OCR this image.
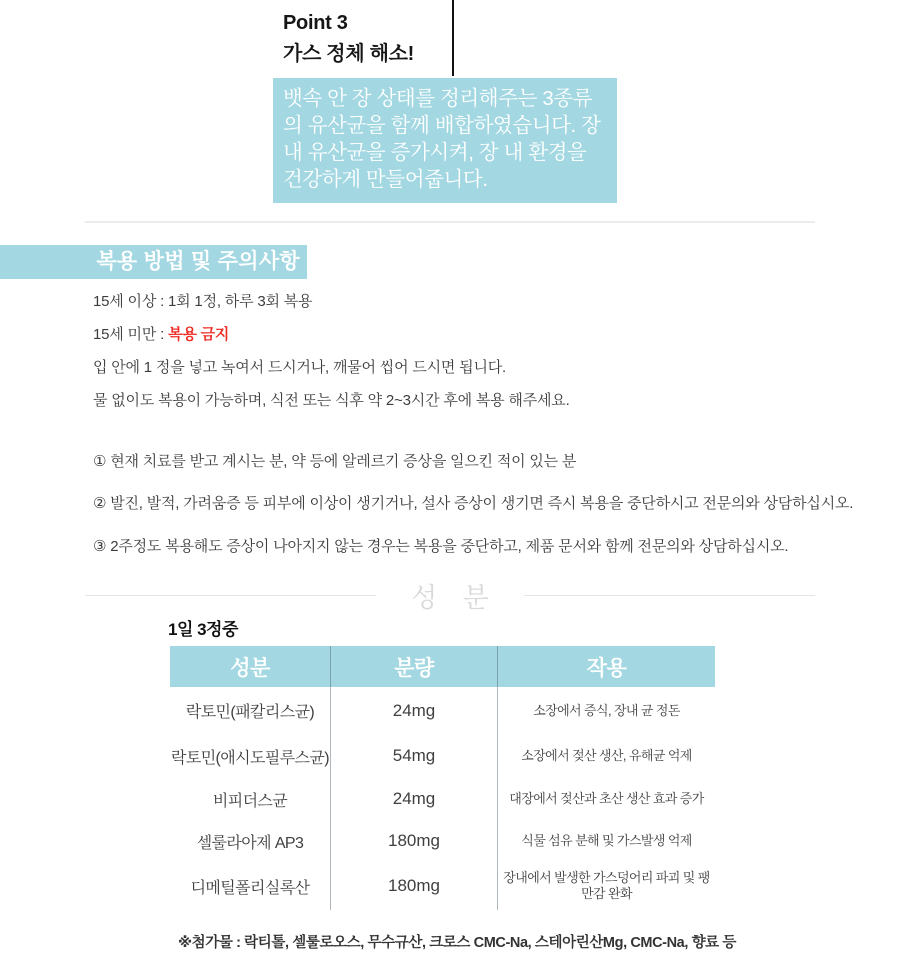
Point 3
가스 정체 해소!
뱃속 안 장 상태를 정리해주는 3종류의 유산균을 함께 배합하였습니다. 장 내 유산균을 증가시켜, 장 내 환경을 건강하게 만들어줍니다.
복용 방법 및 주의사항
15세 이상 : 1회 1정, 하루 3회 복용
15세 미만 : 복용 금지
입 안에 1 정을 넣고 녹여서 드시거나, 깨물어 씹어 드시면 됩니다.
물 없이도 복용이 가능하며, 식전 또는 식후 약 2~3시간 후에 복용 해주세요.
① 현재 치료를 받고 계시는 분, 약 등에 알레르기 증상을 일으킨 적이 있는 분
② 발진, 발적, 가려움증 등 피부에 이상이 생기거나, 설사 증상이 생기면 즉시 복용을 중단하시고 전문의와 상담하십시오.
③ 2주정도 복용해도 증상이 나아지지 않는 경우는 복용을 중단하고, 제품 문서와 함께 전문의와 상담하십시오.
성 분
1일 3정중
성분	분량	작용
락토민(패칼리스균)	24mg	소장에서 증식, 장내 균 정돈
락토민(애시도필루스균)	54mg	소장에서 젖산 생산, 유해균 억제
비피더스균	24mg	대장에서 젖산과 초산 생산 효과 증가
셀룰라아제 AP3	180mg	식물 섬유 분해 및 가스발생 억제
디메틸폴리실록산	180mg	장내에서 발생한 가스덩어리 파괴 및 팽만감 완화
※첨가물 : 락티톨, 셀룰로오스, 무수규산, 크로스 CMC-Na, 스테아린산Mg, CMC-Na, 향료 등
